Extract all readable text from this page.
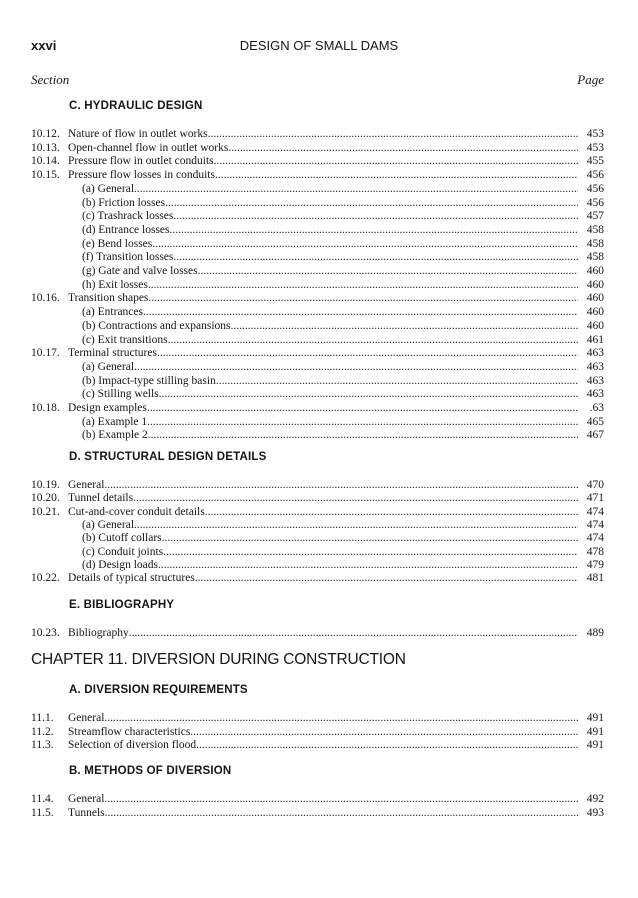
xxvi	DESIGN OF SMALL DAMS
Section	Page
C. HYDRAULIC DESIGN
10.12. Nature of flow in outlet works .....	453
10.13. Open-channel flow in outlet works .....	453
10.14. Pressure flow in outlet conduits .....	455
10.15. Pressure flow losses in conduits .....	456
(a) General .....	456
(b) Friction losses .....	456
(c) Trashrack losses .....	457
(d) Entrance losses .....	458
(e) Bend losses .....	458
(f) Transition losses .....	458
(g) Gate and valve losses .....	460
(h) Exit losses .....	460
10.16. Transition shapes .....	460
(a) Entrances .....	460
(b) Contractions and expansions .....	460
(c) Exit transitions .....	461
10.17. Terminal structures .....	463
(a) General .....	463
(b) Impact-type stilling basin .....	463
(c) Stilling wells .....	463
10.18. Design examples .....	.63
(a) Example 1 .....	465
(b) Example 2 .....	467
D. STRUCTURAL DESIGN DETAILS
10.19. General .....	470
10.20. Tunnel details .....	471
10.21. Cut-and-cover conduit details .....	474
(a) General .....	474
(b) Cutoff collars .....	474
(c) Conduit joints .....	478
(d) Design loads .....	479
10.22. Details of typical structures .....	481
E. BIBLIOGRAPHY
10.23. Bibliography .....	489
CHAPTER 11. DIVERSION DURING CONSTRUCTION
A. DIVERSION REQUIREMENTS
11.1. General .....	491
11.2. Streamflow characteristics .....	491
11.3. Selection of diversion flood .....	491
B. METHODS OF DIVERSION
11.4. General .....	492
11.5. Tunnels .....	493
